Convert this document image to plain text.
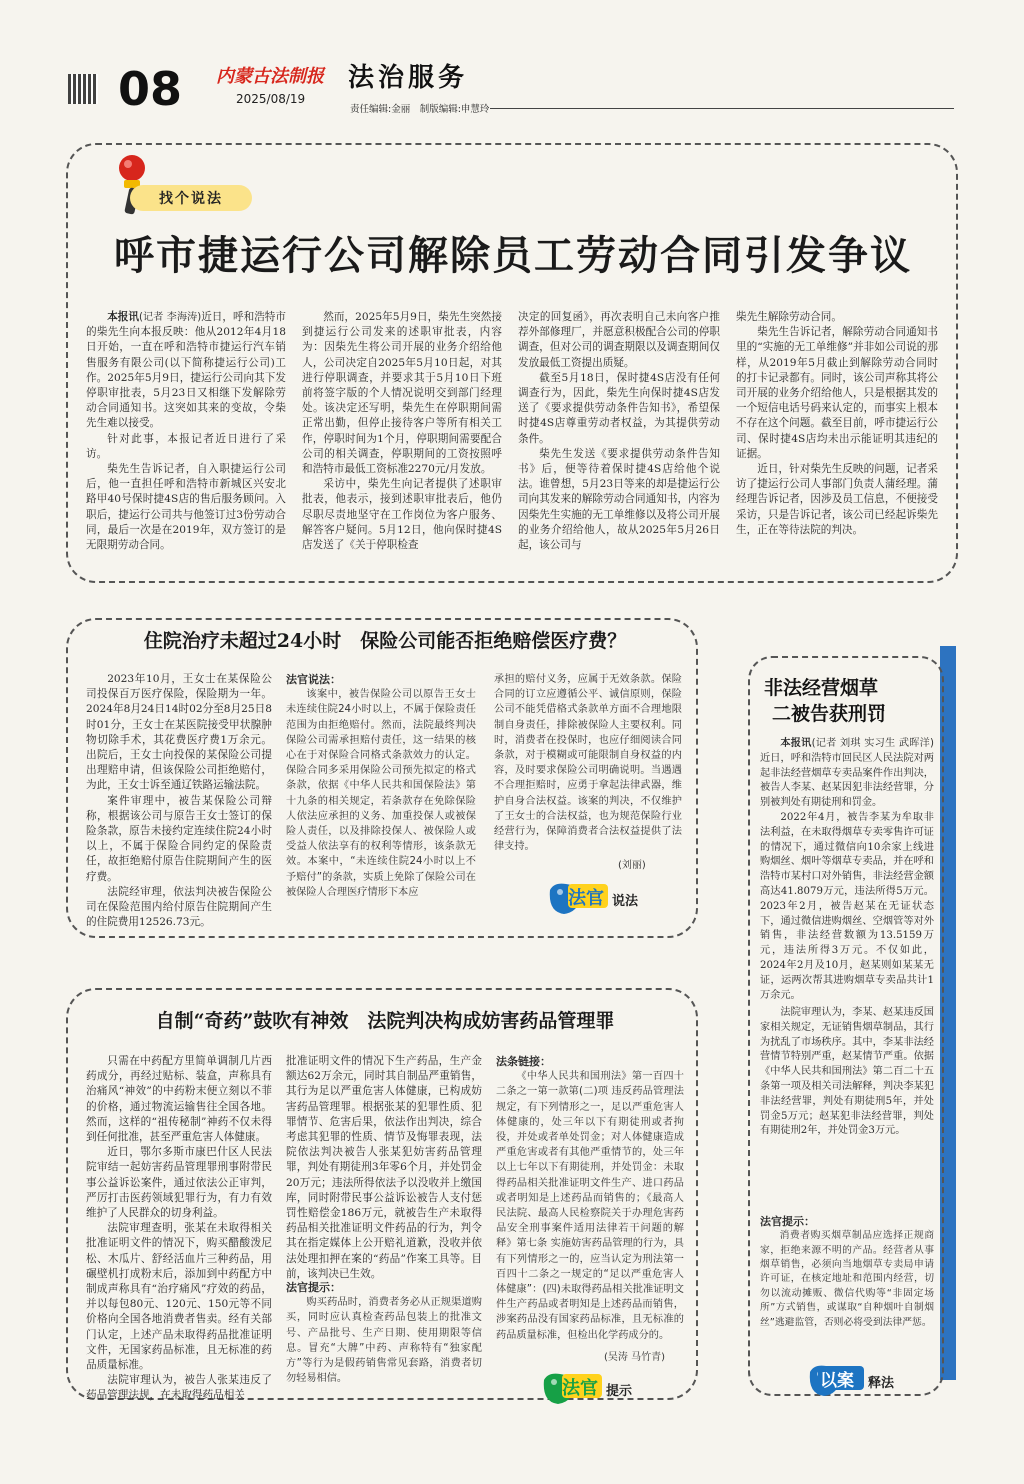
08 内蒙古法制报
2025/08/19
法治服务
责任编辑:金丽　制版编辑:申慧玲
找个说法
呼市捷运行公司解除员工劳动合同引发争议

本报讯(记者 李海涛)近日，呼和浩特市的柴先生向本报反映：他从2012年4月18日开始，一直在呼和浩特市捷运行汽车销售服务有限公司(以下简称捷运行公司)工作。2025年5月9日，捷运行公司向其下发停职审批表，5月23日又相继下发解除劳动合同通知书。这突如其来的变故，令柴先生难以接受。

针对此事，本报记者近日进行了采访。

柴先生告诉记者，自入职捷运行公司后，他一直担任呼和浩特市新城区兴安北路甲40号保时捷4S店的售后服务顾问。入职后，捷运行公司共与他签订过3份劳动合同，最后一次是在2019年，双方签订的是无限期劳动合同。

然而，2025年5月9日，柴先生突然接到捷运行公司发来的述职审批表，内容为：因柴先生将公司开展的业务介绍给他人，公司决定自2025年5月10日起，对其进行停职调查，并要求其于5月10日下班前将签字版的个人情况说明交到部门经理处。该决定还写明，柴先生在停职期间需正常出勤，但停止接待客户等所有相关工作，停职时间为1个月，停职期间需要配合公司的相关调查，停职期间的工资按照呼和浩特市最低工资标准2270元/月发放。

采访中，柴先生向记者提供了述职审批表，他表示，接到述职审批表后，他仍尽职尽责地坚守在工作岗位为客户服务、解答客户疑问。5月12日，他向保时捷4S店发送了《关于停职检查

决定的回复函》，再次表明自己未向客户推荐外部修理厂，并愿意积极配合公司的停职调查，但对公司的调查期限以及调查期间仅发放最低工资提出质疑。

截至5月18日，保时捷4S店没有任何调查行为，因此，柴先生向保时捷4S店发送了《要求提供劳动条件告知书》，希望保时捷4S店尊重劳动者权益，为其提供劳动条件。

柴先生发送《要求提供劳动条件告知书》后，便等待着保时捷4S店给他个说法。谁曾想，5月23日等来的却是捷运行公司向其发来的解除劳动合同通知书，内容为因柴先生实施的无工单维修以及将公司开展的业务介绍给他人，故从2025年5月26日起，该公司与

柴先生解除劳动合同。

柴先生告诉记者，解除劳动合同通知书里的“实施的无工单维修”并非如公司说的那样，从2019年5月截止到解除劳动合同时的打卡记录都有。同时，该公司声称其将公司开展的业务介绍给他人，只是根据其发的一个短信电话号码来认定的，而事实上根本不存在这个问题。截至目前，呼市捷运行公司、保时捷4S店均未出示能证明其违纪的证据。

近日，针对柴先生反映的问题，记者采访了捷运行公司人事部门负责人蒲经理。蒲经理告诉记者，因涉及员工信息，不便接受采访，只是告诉记者，该公司已经起诉柴先生，正在等待法院的判决。

住院治疗未超过24小时　保险公司能否拒绝赔偿医疗费？

2023年10月，王女士在某保险公司投保百万医疗保险，保险期为一年。2024年8月24日14时02分至8月25日8时01分，王女士在某医院接受甲状腺肿物切除手术，其花费医疗费1万余元。出院后，王女士向投保的某保险公司提出理赔申请，但该保险公司拒绝赔付，为此，王女士诉至通辽铁路运输法院。

案件审理中，被告某保险公司辩称，根据该公司与原告王女士签订的保险条款，原告未接约定连续住院24小时以上，不属于保险合同约定的保险责任，故拒绝赔付原告住院期间产生的医疗费。

法院经审理，依法判决被告保险公司在保险范围内给付原告住院期间产生的住院费用12526.73元。

法官说法：

该案中，被告保险公司以原告王女士未连续住院24小时以上，不属于保险责任范围为由拒绝赔付。然而，法院最终判决保险公司需承担赔付责任，这一结果的核心在于对保险合同格式条款效力的认定。保险合同多采用保险公司预先拟定的格式条款，依据《中华人民共和国保险法》第十九条的相关规定，若条款存在免除保险人依法应承担的义务、加重投保人或被保险人责任，以及排除投保人、被保险人或受益人依法享有的权利等情形，该条款无效。本案中，“未连续住院24小时以上不予赔付”的条款，实质上免除了保险公司在被保险人合理医疗情形下本应

承担的赔付义务，应属于无效条款。保险合同的订立应遵循公平、诚信原则，保险公司不能凭借格式条款单方面不合理地限制自身责任，排除被保险人主要权利。同时，消费者在投保时，也应仔细阅读合同条款，对于模糊或可能限制自身权益的内容，及时要求保险公司明确说明。当遇遇不合理拒赔时，应勇于拿起法律武器，维护自身合法权益。该案的判决，不仅维护了王女士的合法权益，也为规范保险行业经营行为，保障消费者合法权益提供了法律支持。

(刘丽)
法官 说法
自制“奇药”鼓吹有神效　法院判决构成妨害药品管理罪

只需在中药配方里简单调制几片西药成分，再经过贴标、装盒，声称具有治痛风“神效”的中药粉末便立刻以不菲的价格，通过物流运输售往全国各地。然而，这样的“祖传秘制”神药不仅未得到任何批准，甚至严重危害人体健康。

近日，鄂尔多斯市康巴什区人民法院审结一起妨害药品管理罪刑事附带民事公益诉讼案件，通过依法公正审判，严厉打击医药领域犯罪行为，有力有效维护了人民群众的切身利益。

法院审理查明，张某在未取得相关批准证明文件的情况下，购买醋酸泼尼松、木瓜片、舒经活血片三种药品，用碾壁机打成粉末后，添加到中药配方中制成声称具有“治疗痛风”疗效的药品，并以每包80元、120元、150元等不同价格向全国各地消费者售卖。经有关部门认定，上述产品未取得药品批准证明文件，无国家药品标准，且无标准的药品质量标准。

法院审理认为，被告人张某违反了药品管理法规，在未取得药品相关

批准证明文件的情况下生产药品，生产金额达62万余元，同时其自制品严重销售，其行为足以严重危害人体健康，已构成妨害药品管理罪。根据张某的犯罪性质、犯罪情节、危害后果，依法作出判决，综合考虑其犯罪的性质、情节及悔罪表现，法院依法判决被告人张某犯妨害药品管理罪，判处有期徒刑3年零6个月，并处罚金20万元；违法所得依法予以没收并上缴国库，同时附带民事公益诉讼被告人支付惩罚性赔偿金186万元，就被告生产未取得药品相关批准证明文件药品的行为，判令其在指定媒体上公开赔礼道歉，没收并依法处理扣押在案的“药品”作案工具等。目前，该判决已生效。

法官提示：

购买药品时，消费者务必从正规渠道购买，同时应认真检查药品包装上的批准文号、产品批号、生产日期、使用期限等信息。冒充“大牌”中药、声称特有“独家配方”等行为是假药销售常见套路，消费者切勿轻易相信。

法条链接：

《中华人民共和国刑法》第一百四十二条之一第一款第(二)项 违反药品管理法规定，有下列情形之一，足以严重危害人体健康的，处三年以下有期徒刑或者拘役，并处或者单处罚金；对人体健康造成严重危害或者有其他严重情节的，处三年以上七年以下有期徒刑，并处罚金：未取得药品相关批准证明文件生产、进口药品或者明知是上述药品而销售的；《最高人民法院、最高人民检察院关于办理危害药品安全刑事案件适用法律若干问题的解释》第七条 实施妨害药品管理的行为，具有下列情形之一的，应当认定为刑法第一百四十二条之一规定的“足以严重危害人体健康”：(四)未取得药品相关批准证明文件生产药品或者明知是上述药品而销售，涉案药品没有国家药品标准，且无标准的药品质量标准，但检出化学药成分的。

(吴涛 马竹青)
法官 提示
非法经营烟草
二被告获刑罚

本报讯(记者 刘琪 实习生 武晖洋)近日，呼和浩特市回民区人民法院对两起非法经营烟草专卖品案件作出判决，被告人李某、赵某因犯非法经营罪，分别被判处有期徒刑和罚金。

2022年4月，被告李某为牟取非法利益，在未取得烟草专卖零售许可证的情况下，通过微信向10余家上线进购烟丝、烟叶等烟草专卖品，并在呼和浩特市某村口对外销售，非法经营金额高达41.8079万元，违法所得5万元。2023年2月，被告赵某在无证状态下，通过微信进购烟丝、空烟管等对外销售，非法经营数额为13.5159万元，违法所得3万元。不仅如此，2024年2月及10月，赵某则如某某无证，运两次帮其进购烟草专卖品共计1万余元。

法院审理认为，李某、赵某违反国家相关规定，无证销售烟草制品，其行为扰乱了市场秩序。其中，李某非法经营情节特别严重，赵某情节严重。依据《中华人民共和国刑法》第二百二十五条第一项及相关司法解释，判决李某犯非法经营罪，判处有期徒刑5年，并处罚金5万元；赵某犯非法经营罪，判处有期徒刑2年，并处罚金3万元。

法官提示：

消费者购买烟草制品应选择正规商家，拒绝来源不明的产品。经营者从事烟草销售，必须向当地烟草专卖局申请许可证，在核定地址和范围内经营，切勿以流动摊贩、微信代购等“非固定场所”方式销售，或谋取“自种烟叶自制烟丝”逃避监管，否则必将受到法律严惩。

以案 释法
